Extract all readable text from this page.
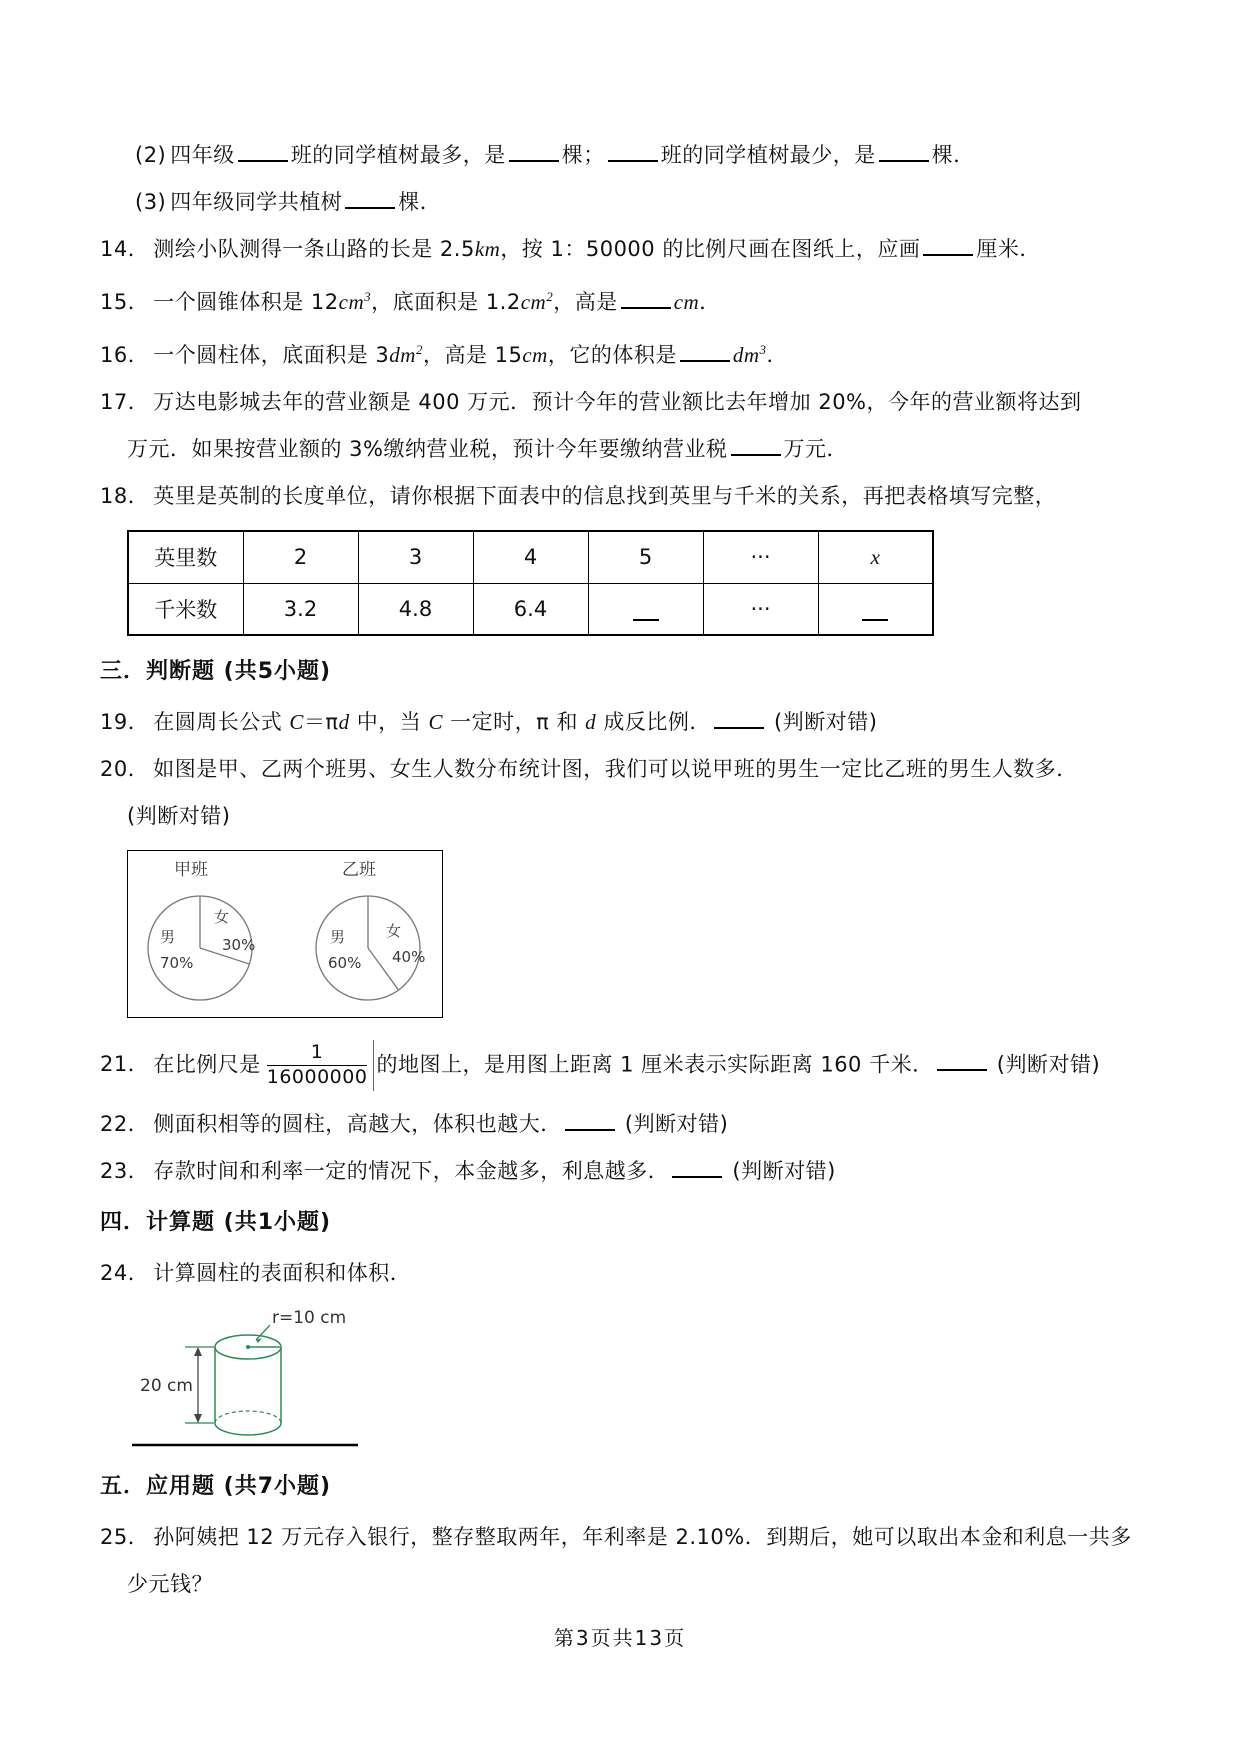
(2) 四年级	班的同学植树最多，是	棵；	班的同学植树最少，是	棵．
(3) 四年级同学共植树	棵．
14． 测绘小队测得一条山路的长是 2.5km，按 1：50000 的比例尺画在图纸上，应画	厘米．
15． 一个圆锥体积是 $12cm^3$，底面积是 $1.2cm^2$，高是	cm．
16． 一个圆柱体，底面积是 $3dm^2$，高是 15cm，它的体积是	$dm^3$．
17． 万达电影城去年的营业额是 400 万元．预计今年的营业额比去年增加 20%，今年的营业额将达到
万元．如果按营业额的 3%缴纳营业税，预计今年要缴纳营业税	万元．
18． 英里是英制的长度单位，请你根据下面表中的信息找到英里与千米的关系，再把表格填写完整，
英里数	2	3	4	5	···	x
千米数	3.2	4.8	6.4		···	
三．判断题 (共5小题)
19． 在圆周长公式 C＝πd 中，当 C 一定时，π 和 d 成反比例．	(判断对错)
20． 如图是甲、乙两个班男、女生人数分布统计图，我们可以说甲班的男生一定比乙班的男生人数多．
(判断对错)
甲班
男
70%
女
30%
乙班
男
60%
女
40%
21． 在比例尺是 $\frac{1}{16000000}$ 的地图上，是用图上距离 1 厘米表示实际距离 160 千米．	(判断对错)
22． 侧面积相等的圆柱，高越大，体积也越大．	(判断对错)
23． 存款时间和利率一定的情况下，本金越多，利息越多．	(判断对错)
四．计算题 (共1小题)
24． 计算圆柱的表面积和体积．
r=10 cm
20 cm
五．应用题 (共7小题)
25． 孙阿姨把 12 万元存入银行，整存整取两年，年利率是 2.10%．到期后，她可以取出本金和利息一共多
少元钱？
第3页共13页
